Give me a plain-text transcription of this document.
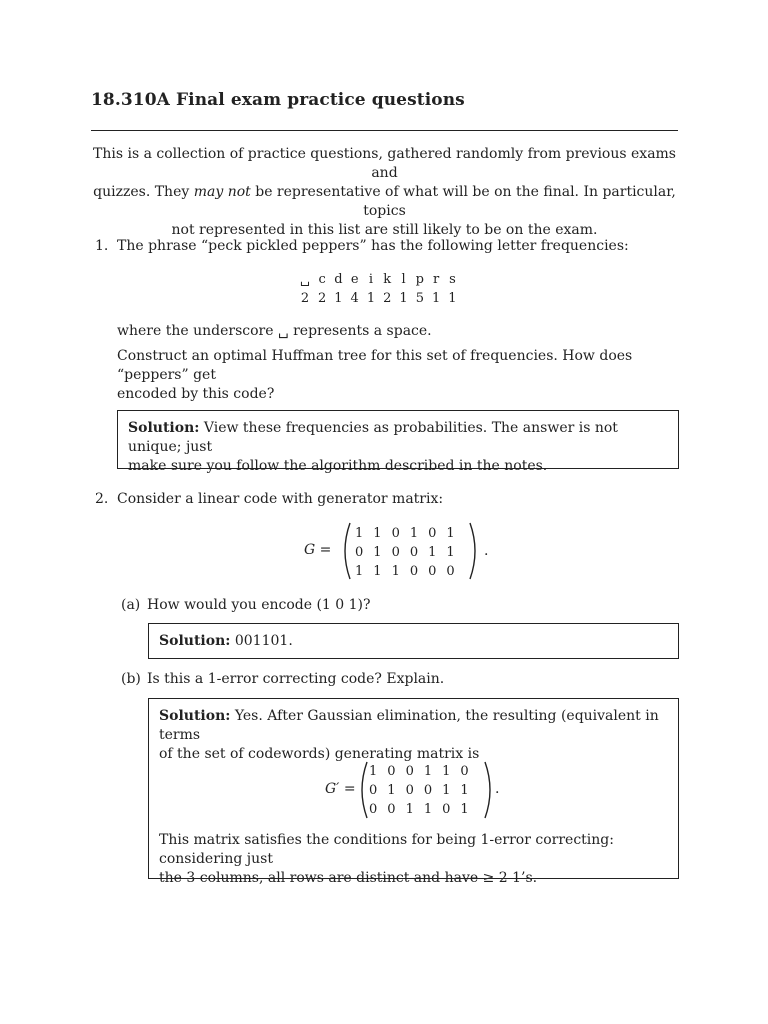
18.310A Final exam practice questions
This is a collection of practice questions, gathered randomly from previous exams and
quizzes. They may not be representative of what will be on the final. In particular, topics
not represented in this list are still likely to be on the exam.
1. The phrase “peck pickled peppers” has the following letter frequencies:
␣	c	d	e	i	k	l	p	r	s
2	2	1	4	1	2	1	5	1	1
where the underscore ␣ represents a space.
Construct an optimal Huffman tree for this set of frequencies. How does “peppers” get
encoded by this code?
Solution: View these frequencies as probabilities. The answer is not unique; just
make sure you follow the algorithm described in the notes.
2. Consider a linear code with generator matrix:
G =
1	1	0	1	0	1
0	1	0	0	1	1
1	1	1	0	0	0
.
(a) How would you encode (1 0 1)?
Solution: 001101.
(b) Is this a 1-error correcting code? Explain.
Solution: Yes. After Gaussian elimination, the resulting (equivalent in terms
of the set of codewords) generating matrix is
G′ =
1	0	0	1	1	0
0	1	0	0	1	1
0	0	1	1	0	1
.
This matrix satisfies the conditions for being 1-error correcting: considering just
the 3 columns, all rows are distinct and have ≥ 2 1’s.
